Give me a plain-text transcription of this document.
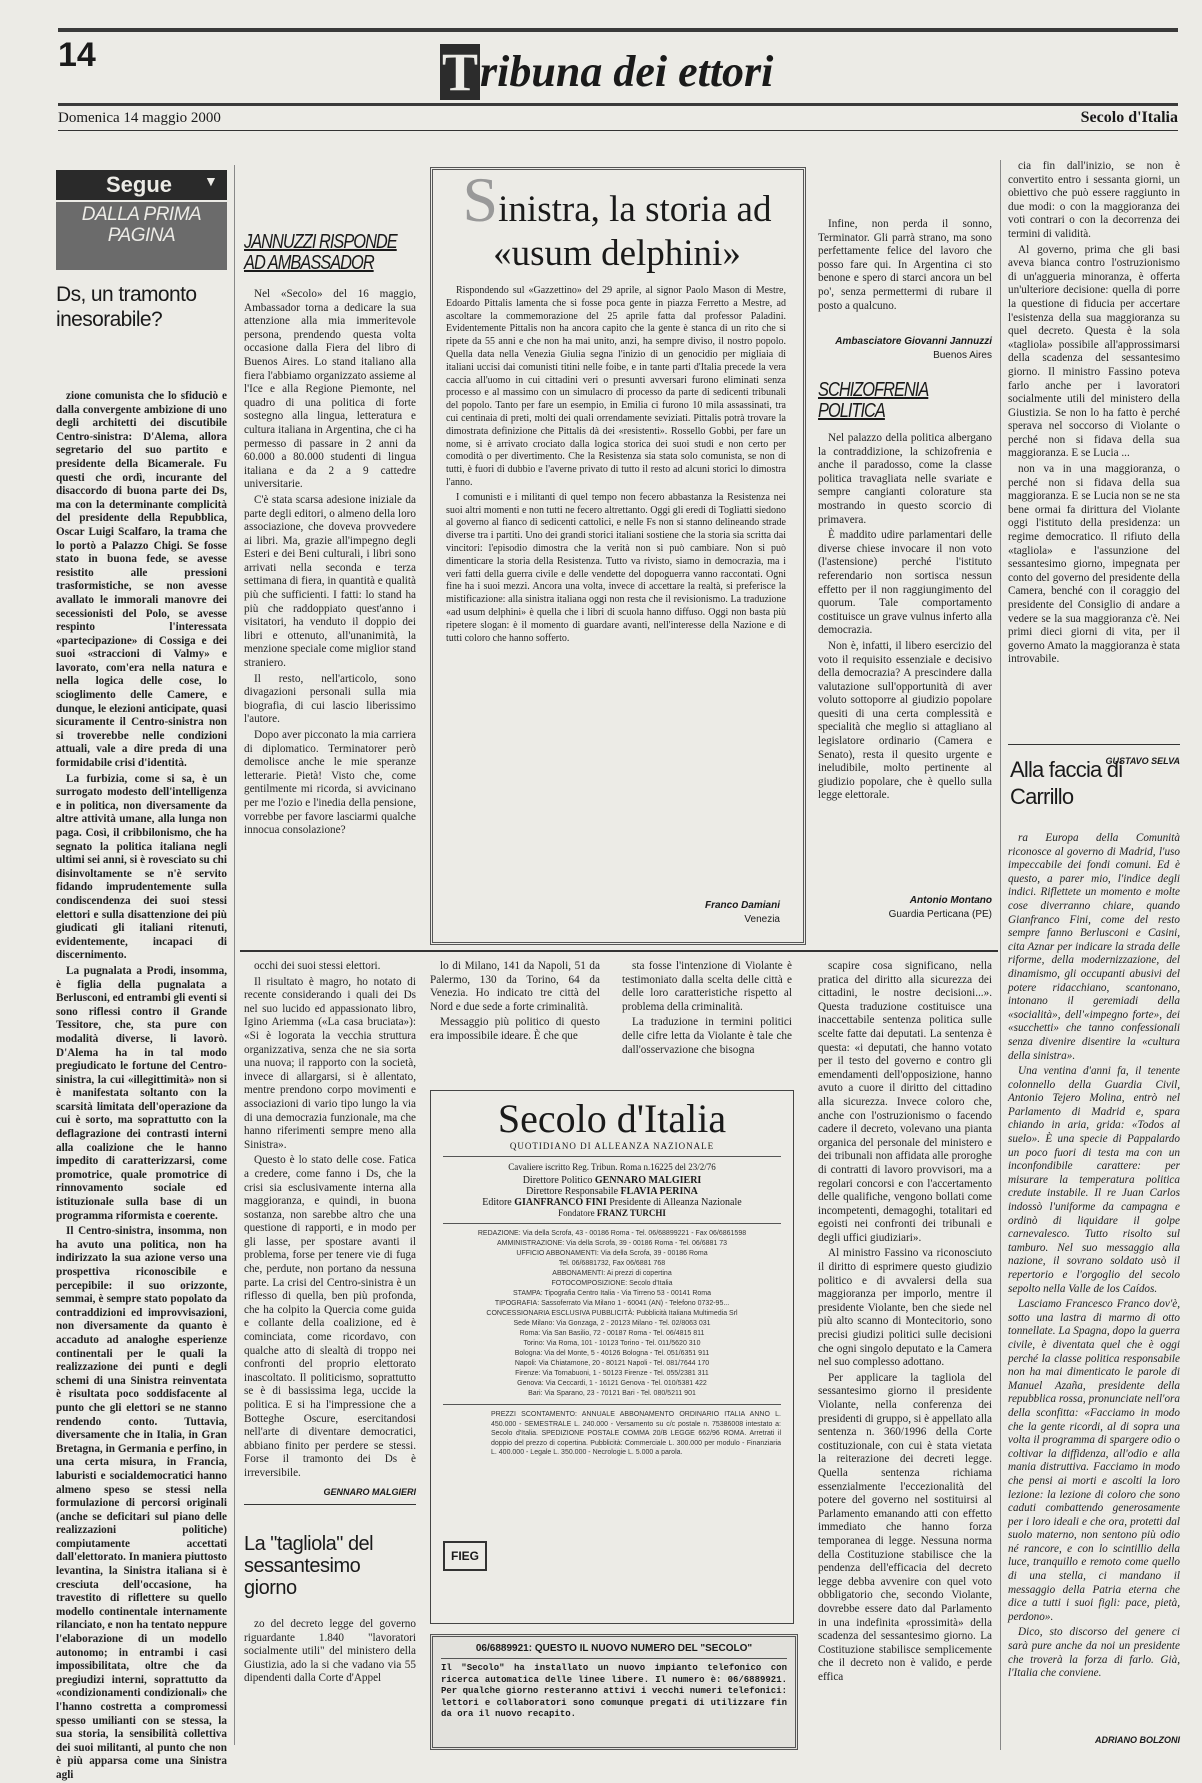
14	Tribuna dei ettori
Domenica 14 maggio 2000	Secolo d'Italia
Segue ▼
DALLA PRIMA PAGINA
Ds, un tramonto inesorabile?

zione comunista che lo sfiduciò e dalla convergente ambizione di uno degli architetti dei discutibile Centro-sinistra: D'Alema, allora segretario del suo partito e presidente della Bicamerale. Fu questi che ordì, incurante del disaccordo di buona parte dei Ds, ma con la determinante complicità del presidente della Repubblica, Oscar Luigi Scalfaro, la trama che lo portò a Palazzo Chigi. Se fosse stato in buona fede, se avesse resistito alle pressioni trasformistiche, se non avesse avallato le immorali manovre dei secessionisti del Polo, se avesse respinto l'interessata «partecipazione» di Cossiga e dei suoi «straccioni di Valmy» e lavorato, com'era nella natura e nella logica delle cose, lo scioglimento delle Camere, e dunque, le elezioni anticipate, quasi sicuramente il Centro-sinistra non si troverebbe nelle condizioni attuali, vale a dire preda di una formidabile crisi d'identità.

La furbizia, come si sa, è un surrogato modesto dell'intelligenza e in politica, non diversamente da altre attività umane, alla lunga non paga. Così, il cribbilonismo, che ha segnato la politica italiana negli ultimi sei anni, si è rovesciato su chi disinvoltamente se n'è servito fidando imprudentemente sulla condiscendenza dei suoi stessi elettori e sulla disattenzione dei più giudicati gli italiani ritenuti, evidentemente, incapaci di discernimento.

La pugnalata a Prodi, insomma, è figlia della pugnalata a Berlusconi, ed entrambi gli eventi si sono riflessi contro il Grande Tessitore, che, sta pure con modalità diverse, li lavorò. D'Alema ha in tal modo pregiudicato le fortune del Centro-sinistra, la cui «illegittimità» non si è manifestata soltanto con la scarsità limitata dell'operazione da cui è sorto, ma soprattutto con la deflagrazione dei contrasti interni alla coalizione che le hanno impedito di caratterizzarsi, come promotrice, quale promotrice di rinnovamento sociale ed istituzionale sulla base di un programma riformista e coerente.

Il Centro-sinistra, insomma, non ha avuto una politica, non ha indirizzato la sua azione verso una prospettiva riconoscibile e percepibile: il suo orizzonte, semmai, è sempre stato popolato da contraddizioni ed improvvisazioni, non diversamente da quanto è accaduto ad analoghe esperienze continentali per le quali la realizzazione dei punti e degli schemi di una Sinistra reinventata è risultata poco soddisfacente al punto che gli elettori se ne stanno rendendo conto. Tuttavia, diversamente che in Italia, in Gran Bretagna, in Germania e perfino, in una certa misura, in Francia, laburisti e socialdemocratici hanno almeno speso se stessi nella formulazione di percorsi originali (anche se deficitari sul piano delle realizzazioni politiche) compiutamente accettati dall'elettorato. In maniera piuttosto levantina, la Sinistra italiana si è cresciuta dell'occasione, ha travestito di riflettere su quello modello continentale internamente rilanciato, e non ha tentato neppure l'elaborazione di un modello autonomo; in entrambi i casi impossibilitata, oltre che da pregiudizi interni, soprattutto da «condizionamenti condizionali» che l'hanno costretta a compromessi spesso umilianti con se stessa, la sua storia, la sensibilità collettiva dei suoi militanti, al punto che non è più apparsa come una Sinistra agli

JANNUZZI RISPONDE AD AMBASSADOR

Nel «Secolo» del 16 maggio, Ambassador torna a dedicare la sua attenzione alla mia immeritevole persona, prendendo questa volta occasione dalla Fiera del libro di Buenos Aires. Lo stand italiano alla fiera l'abbiamo organizzato assieme al l'Ice e alla Regione Piemonte, nel quadro di una politica di forte sostegno alla lingua, letteratura e cultura italiana in Argentina, che ci ha permesso di passare in 2 anni da 60.000 a 80.000 studenti di lingua italiana e da 2 a 9 cattedre universitarie.

C'è stata scarsa adesione iniziale da parte degli editori, o almeno della loro associazione, che doveva provvedere ai libri. Ma, grazie all'impegno degli Esteri e dei Beni culturali, i libri sono arrivati nella seconda e terza settimana di fiera, in quantità e qualità più che sufficienti. I fatti: lo stand ha più che raddoppiato quest'anno i visitatori, ha venduto il doppio dei libri e ottenuto, all'unanimità, la menzione speciale come miglior stand straniero.

Il resto, nell'articolo, sono divagazioni personali sulla mia biografia, di cui lascio liberissimo l'autore.

Dopo aver picconato la mia carriera di diplomatico. Terminatorer però demolisce anche le mie speranze letterarie. Pietà! Visto che, come gentilmente mi ricorda, si avvicinano per me l'ozio e l'inedia della pensione, vorrebbe per favore lasciarmi qualche innocua consolazione?

Sinistra, la storia ad «usum delphini»

Rispondendo sul «Gazzettino» del 29 aprile, al signor Paolo Mason di Mestre, Edoardo Pittalis lamenta che si fosse poca gente in piazza Ferretto a Mestre, ad ascoltare la commemorazione del 25 aprile fatta dal professor Paladini. Evidentemente Pittalis non ha ancora capito che la gente è stanca di un rito che si ripete da 55 anni e che non ha mai unito, anzi, ha sempre diviso, il nostro popolo. Quella data nella Venezia Giulia segna l'inizio di un genocidio per migliaia di italiani uccisi dai comunisti titini nelle foibe, e in tante parti d'Italia precede la vera caccia all'uomo in cui cittadini veri o presunti avversari furono eliminati senza processo e al massimo con un simulacro di processo da parte di sedicenti tribunali del popolo. Tanto per fare un esempio, in Emilia ci furono 10 mila assassinati, tra cui centinaia di preti, molti dei quali orrendamente seviziati. Pittalis potrà trovare la dimostrata definizione che Pittalis dà dei «resistenti». Rossello Gobbi, per fare un nome, si è arrivato crociato dalla logica storica dei suoi studi e non certo per comodità o per divertimento. Che la Resistenza sia stata solo comunista, se non di tutti, è fuori di dubbio e l'averne privato di tutto il resto ad alcuni storici lo dimostra l'anno.

I comunisti e i militanti di quel tempo non fecero abbastanza la Resistenza nei suoi altri momenti e non tutti ne fecero altrettanto. Oggi gli eredi di Togliatti siedono al governo al fianco di sedicenti cattolici, e nelle Fs non si stanno delineando strade diverse tra i partiti. Uno dei grandi storici italiani sostiene che la storia sia scritta dai vincitori: l'episodio dimostra che la verità non si può cambiare. Non si può dimenticare la storia della Resistenza. Tutto va rivisto, siamo in democrazia, ma i veri fatti della guerra civile e delle vendette del dopoguerra vanno raccontati. Ogni fine ha i suoi mezzi. Ancora una volta, invece di accettare la realtà, si preferisce la mistificazione: alla sinistra italiana oggi non resta che il revisionismo. La traduzione «ad usum delphini» è quella che i libri di scuola hanno diffuso. Oggi non basta più ripetere slogan: è il momento di guardare avanti, nell'interesse della Nazione e di tutti coloro che hanno sofferto.

Franco Damiani
Venezia

Infine, non perda il sonno, Terminator. Gli parrà strano, ma sono perfettamente felice del lavoro che posso fare qui. In Argentina ci sto benone e spero di starci ancora un bel po', senza permettermi di rubare il posto a qualcuno.

Ambasciatore Giovanni Jannuzzi
Buenos Aires
SCHIZOFRENIA POLITICA

Nel palazzo della politica albergano la contraddizione, la schizofrenia e anche il paradosso, come la classe politica travagliata nelle svariate e sempre cangianti colorature sta mostrando in questo scorcio di primavera.

È maddito udire parlamentari delle diverse chiese invocare il non voto (l'astensione) perché l'istituto referendario non sortisca nessun effetto per il non raggiungimento del quorum. Tale comportamento costituisce un grave vulnus inferto alla democrazia.

Non è, infatti, il libero esercizio del voto il requisito essenziale e decisivo della democrazia? A prescindere dalla valutazione sull'opportunità di aver voluto sottoporre al giudizio popolare quesiti di una certa complessità e specialità che meglio si attagliano al legislatore ordinario (Camera e Senato), resta il quesito urgente e ineludibile, molto pertinente al giudizio popolare, che è quello sulla legge elettorale.

Antonio Montano
Guardia Perticana (PE)

cia fin dall'inizio, se non è convertito entro i sessanta giorni, un obiettivo che può essere raggiunto in due modi: o con la maggioranza dei voti contrari o con la decorrenza dei termini di validità.

Al governo, prima che gli basi aveva bianca contro l'ostruzionismo di un'aggueria minoranza, è offerta un'ulteriore decisione: quella di porre la questione di fiducia per accertare l'esistenza della sua maggioranza su quel decreto. Questa è la sola «tagliola» possibile all'approssimarsi della scadenza del sessantesimo giorno. Il ministro Fassino poteva farlo anche per i lavoratori socialmente utili del ministero della Giustizia. Se non lo ha fatto è perché sperava nel soccorso di Violante o perché non si fidava della sua maggioranza. E se Lucia ...

non va in una maggioranza, o perché non si fidava della sua maggioranza. E se Lucia non se ne sta bene ormai fa dirittura del Violante oggi l'istituto della presidenza: un regime democratico. Il rifiuto della «tagliola» e l'assunzione del sessantesimo giorno, impegnata per conto del governo del presidente della Camera, benché con il coraggio del presidente del Consiglio di andare a vedere se la sua maggioranza c'è. Nei primi dieci giorni di vita, per il governo Amato la maggioranza è stata introvabile.

GUSTAVO SELVA
Alla faccia di Carrillo

ra Europa della Comunità riconosce al governo di Madrid, l'uso impeccabile dei fondi comuni. Ed è questo, a parer mio, l'indice degli indici. Riflettete un momento e molte cose diverranno chiare, quando Gianfranco Fini, come del resto sempre fanno Berlusconi e Casini, cita Aznar per indicare la strada delle riforme, della modernizzazione, del dinamismo, gli occupanti abusivi del potere ridacchiano, scantonano, intonano il geremiadi della «socialità», dell'«impegno forte», dei «succhetti» che tanno confessionali senza divenire disentire la «cultura della sinistra».

Una ventina d'anni fa, il tenente colonnello della Guardia Civil, Antonio Tejero Molina, entrò nel Parlamento di Madrid e, spara chiando in aria, grida: «Todos al suelo». È una specie di Pappalardo un poco fuori di testa ma con un inconfondibile carattere: per misurare la temperatura politica credute instabile. Il re Juan Carlos indossò l'uniforme da campagna e ordinò di liquidare il golpe carnevalesco. Tutto risolto sul tamburo. Nel suo messaggio alla nazione, il sovrano soldato usò il repertorio e l'orgoglio del secolo sepolto nella Valle de los Caídos.

Lasciamo Francesco Franco dov'è, sotto una lastra di marmo di otto tonnellate. La Spagna, dopo la guerra civile, è diventata quel che è oggi perché la classe politica responsabile non ha mai dimenticato le parole di Manuel Azaña, presidente della repubblica rossa, pronunciate nell'ora della sconfitta: «Facciamo in modo che la gente ricordi, al di sopra una volta il programma di spargere odio o coltivar la diffidenza, all'odio e alla mania distruttiva. Facciamo in modo che pensi ai morti e ascolti la loro lezione: la lezione di coloro che sono caduti combattendo generosamente per i loro ideali e che ora, protetti dal suolo materno, non sentono più odio né rancore, e con lo scintillio della luce, tranquillo e remoto come quello di una stella, ci mandano il messaggio della Patria eterna che dice a tutti i suoi figli: pace, pietà, perdono».

Dico, sto discorso del genere ci sarà pure anche da noi un presidente che troverà la forza di farlo. Già, l'Italia che conviene.

ADRIANO BOLZONI

occhi dei suoi stessi elettori.

Il risultato è magro, ho notato di recente considerando i quali dei Ds nel suo lucido ed appassionato libro, Igino Ariemma («La casa bruciata»): «Si è logorata la vecchia struttura organizzativa, senza che ne sia sorta una nuova; il rapporto con la società, invece di allargarsi, si è allentato, mentre prendono corpo movimenti e associazioni di vario tipo lungo la via di una democrazia funzionale, ma che hanno riferimenti sempre meno alla Sinistra».

Questo è lo stato delle cose. Fatica a credere, come fanno i Ds, che la crisi sia esclusivamente interna alla maggioranza, e quindi, in buona sostanza, non sarebbe altro che una questione di rapporti, e in modo per gli lasse, per spostare avanti il problema, forse per tenere vie di fuga che, perdute, non portano da nessuna parte. La crisi del Centro-sinistra è un riflesso di quella, ben più profonda, che ha colpito la Quercia come guida e collante della coalizione, ed è cominciata, come ricordavo, con qualche atto di slealtà di troppo nei confronti del proprio elettorato inascoltato. Il politicismo, soprattutto se è di bassissima lega, uccide la politica. E si ha l'impressione che a Botteghe Oscure, esercitandosi nell'arte di diventare democratici, abbiano finito per perdere se stessi. Forse il tramonto dei Ds è irreversibile.

GENNARO MALGIERI
La "tagliola" del sessantesimo giorno

zo del decreto legge del governo riguardante 1.840 "lavoratori socialmente utili" del ministero della Giustizia, ado la si che vadano via 55 dipendenti dalla Corte d'Appel

lo di Milano, 141 da Napoli, 51 da Palermo, 130 da Torino, 64 da Venezia. Ho indicato tre città del Nord e due sede a forte criminalità.

Messaggio più politico di questo era impossibile ideare. È che que

sta fosse l'intenzione di Violante è testimoniato dalla scelta delle città e delle loro caratteristiche rispetto al problema della criminalità.

La traduzione in termini politici delle cifre letta da Violante è tale che dall'osservazione che bisogna

Secolo d'Italia
QUOTIDIANO DI ALLEANZA NAZIONALE
Cavaliere iscritto Reg. Tribun. Roma n.16225 del 23/2/76
Direttore Politico GENNARO MALGIERI
Direttore Responsabile FLAVIA PERINA
Editore GIANFRANCO FINI Presidente di Alleanza Nazionale
Fondatore FRANZ TURCHI
REDAZIONE: Via della Scrofa, 43 - 00186 Roma - Tel. 06/68899221 - Fax 06/6861598
AMMINISTRAZIONE: Via della Scrofa, 39 - 00186 Roma - Tel. 06/6881 73
UFFICIO ABBONAMENTI: Via della Scrofa, 39 - 00186 Roma
Tel. 06/6881732, Fax 06/6881 768
ABBONAMENTI: Ai prezzi di copertina
FOTOCOMPOSIZIONE: Secolo d'Italia
STAMPA: Tipografia Centro Italia - Via Tirreno 53 - 00141 Roma
TIPOGRAFIA: Sassoferrato Via Milano 1 - 60041 (AN) - Telefono 0732-95...
CONCESSIONARIA ESCLUSIVA PUBBLICITÀ: Pubblicità Italiana Multimedia Srl
Sede Milano: Via Gonzaga, 2 - 20123 Milano - Tel. 02/8063 031
Roma: Via San Basilio, 72 - 00187 Roma - Tel. 06/4815 811
Torino: Via Roma, 101 - 10123 Torino - Tel. 011/5620 310
Bologna: Via del Monte, 5 - 40126 Bologna - Tel. 051/6351 911
Napoli: Via Chiatamone, 20 - 80121 Napoli - Tel. 081/7644 170
Firenze: Via Tornabuoni, 1 - 50123 Firenze - Tel. 055/2381 311
Genova: Via Ceccardi, 1 - 16121 Genova - Tel. 010/5381 422
Bari: Via Sparano, 23 - 70121 Bari - Tel. 080/5211 901
PREZZI SCONTAMENTO: ANNUALE ABBONAMENTO ORDINARIO ITALIA ANNO L. 450.000 - SEMESTRALE L. 240.000 - Versamento su c/c postale n. 75386008 intestato a: Secolo d'Italia. SPEDIZIONE POSTALE COMMA 20/B LEGGE 662/96 ROMA. Arretrati il doppio del prezzo di copertina. Pubblicità: Commerciale L. 300.000 per modulo - Finanziaria L. 400.000 - Legale L. 350.000 - Necrologie L. 5.000 a parola.
FIEG
06/6889921: QUESTO IL NUOVO NUMERO DEL "SECOLO"
Il "Secolo" ha installato un nuovo impianto telefonico con ricerca automatica delle linee libere. Il numero è: 06/6889921. Per qualche giorno resteranno attivi i vecchi numeri telefonici: lettori e collaboratori sono comunque pregati di utilizzare fin da ora il nuovo recapito.

scapire cosa significano, nella pratica del diritto alla sicurezza dei cittadini, le nostre decisioni...». Questa traduzione costituisce una inaccettabile sentenza politica sulle scelte fatte dai deputati. La sentenza è questa: «i deputati, che hanno votato per il testo del governo e contro gli emendamenti dell'opposizione, hanno avuto a cuore il diritto del cittadino alla sicurezza. Invece coloro che, anche con l'ostruzionismo o facendo cadere il decreto, volevano una pianta organica del personale del ministero e dei tribunali non affidata alle proroghe di contratti di lavoro provvisori, ma a regolari concorsi e con l'accertamento delle qualifiche, vengono bollati come incompetenti, demagoghi, totalitari ed egoisti nei confronti dei tribunali e degli uffici giudiziari».

Al ministro Fassino va riconosciuto il diritto di esprimere questo giudizio politico e di avvalersi della sua maggioranza per imporlo, mentre il presidente Violante, ben che siede nel più alto scanno di Montecitorio, sono precisi giudizi politici sulle decisioni che ogni singolo deputato e la Camera nel suo complesso adottano.

Per applicare la tagliola del sessantesimo giorno il presidente Violante, nella conferenza dei presidenti di gruppo, si è appellato alla sentenza n. 360/1996 della Corte costituzionale, con cui è stata vietata la reiterazione dei decreti legge. Quella sentenza richiama essenzialmente l'eccezionalità del potere del governo nel sostituirsi al Parlamento emanando atti con effetto immediato che hanno forza temporanea di legge. Nessuna norma della Costituzione stabilisce che la pendenza dell'efficacia del decreto legge debba avvenire con quel voto obbligatorio che, secondo Violante, dovrebbe essere dato dal Parlamento in una indefinita «prossimità» della scadenza del sessantesimo giorno. La Costituzione stabilisce semplicemente che il decreto non è valido, e perde effica
